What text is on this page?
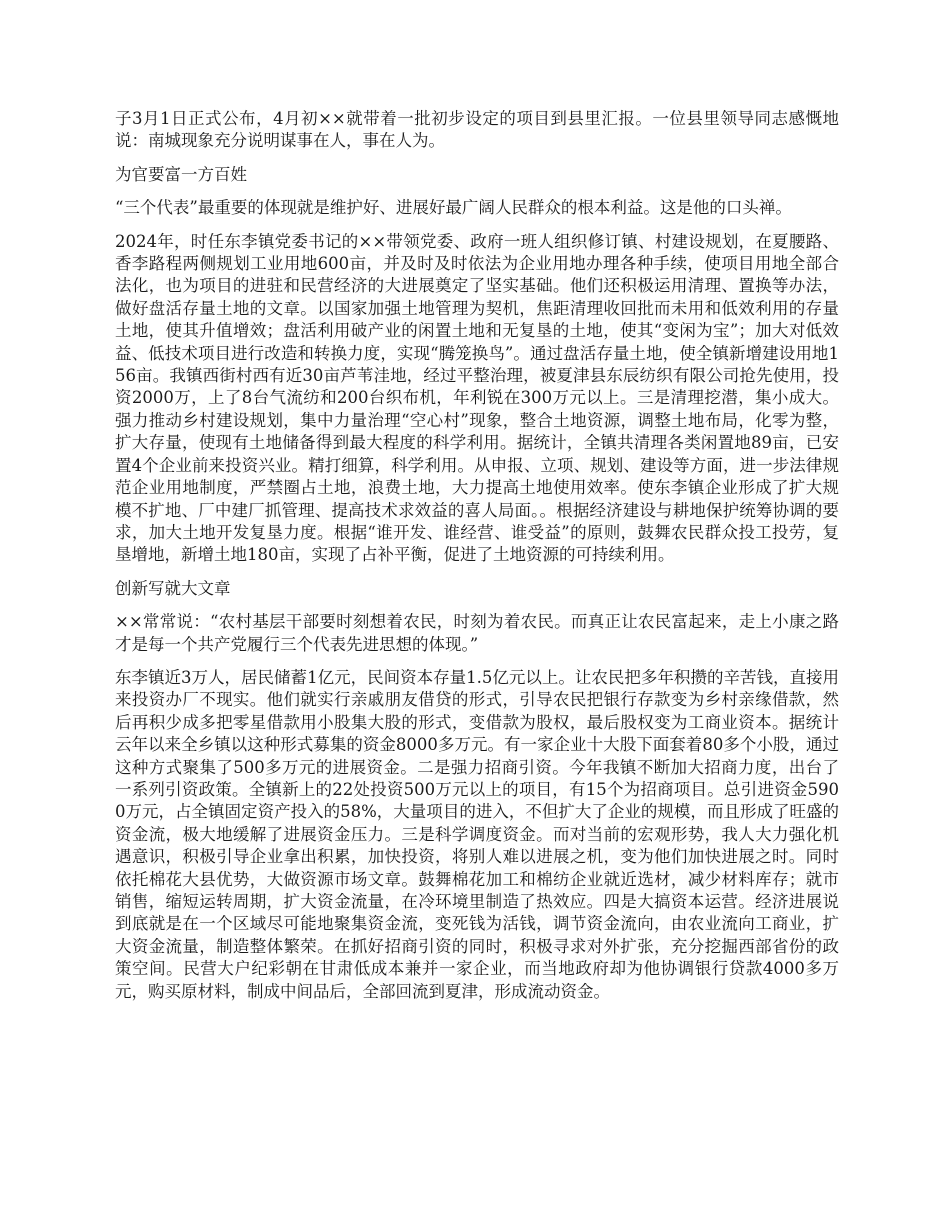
子3月1日正式公布，4月初××就带着一批初步设定的项目到县里汇报。一位县里领导同志感慨地说：南城现象充分说明谋事在人，事在人为。

为官要富一方百姓

“三个代表”最重要的体现就是维护好、进展好最广阔人民群众的根本利益。这是他的口头禅。

2024年，时任东李镇党委书记的××带领党委、政府一班人组织修订镇、村建设规划，在夏腰路、香李路程两侧规划工业用地600亩，并及时及时依法为企业用地办理各种手续，使项目用地全部合法化，也为项目的进驻和民营经济的大进展奠定了坚实基础。他们还积极运用清理、置换等办法，做好盘活存量土地的文章。以国家加强土地管理为契机，焦距清理收回批而未用和低效利用的存量土地，使其升值增效；盘活利用破产业的闲置土地和无复垦的土地，使其“变闲为宝”；加大对低效益、低技术项目进行改造和转换力度，实现“腾笼换鸟”。通过盘活存量土地，使全镇新增建设用地156亩。我镇西街村西有近30亩芦苇洼地，经过平整治理，被夏津县东辰纺织有限公司抢先使用，投资2000万，上了8台气流纺和200台织布机，年利锐在300万元以上。三是清理挖潜，集小成大。强力推动乡村建设规划，集中力量治理“空心村”现象，整合土地资源，调整土地布局，化零为整，扩大存量，使现有土地储备得到最大程度的科学利用。据统计，全镇共清理各类闲置地89亩，已安置4个企业前来投资兴业。精打细算，科学利用。从申报、立项、规划、建设等方面，进一步法律规范企业用地制度，严禁圈占土地，浪费土地，大力提高土地使用效率。使东李镇企业形成了扩大规模不扩地、厂中建厂抓管理、提高技术求效益的喜人局面。。根据经济建设与耕地保护统筹协调的要求，加大土地开发复垦力度。根据“谁开发、谁经营、谁受益”的原则，鼓舞农民群众投工投劳，复垦增地，新增土地180亩，实现了占补平衡，促进了土地资源的可持续利用。

创新写就大文章

××常常说：“农村基层干部要时刻想着农民，时刻为着农民。而真正让农民富起来，走上小康之路才是每一个共产党履行三个代表先进思想的体现。”

东李镇近3万人，居民储蓄1亿元，民间资本存量1.5亿元以上。让农民把多年积攒的辛苦钱，直接用来投资办厂不现实。他们就实行亲戚朋友借贷的形式，引导农民把银行存款变为乡村亲缘借款，然后再积少成多把零星借款用小股集大股的形式，变借款为股权，最后股权变为工商业资本。据统计云年以来全乡镇以这种形式募集的资金8000多万元。有一家企业十大股下面套着80多个小股，通过这种方式聚集了500多万元的进展资金。二是强力招商引资。今年我镇不断加大招商力度，出台了一系列引资政策。全镇新上的22处投资500万元以上的项目，有15个为招商项目。总引进资金5900万元，占全镇固定资产投入的58%，大量项目的进入，不但扩大了企业的规模，而且形成了旺盛的资金流，极大地缓解了进展资金压力。三是科学调度资金。而对当前的宏观形势，我人大力强化机遇意识，积极引导企业拿出积累，加快投资，将别人难以进展之机，变为他们加快进展之时。同时依托棉花大县优势，大做资源市场文章。鼓舞棉花加工和棉纺企业就近选材，减少材料库存；就市销售，缩短运转周期，扩大资金流量，在冷环境里制造了热效应。四是大搞资本运营。经济进展说到底就是在一个区域尽可能地聚集资金流，变死钱为活钱，调节资金流向，由农业流向工商业，扩大资金流量，制造整体繁荣。在抓好招商引资的同时，积极寻求对外扩张，充分挖掘西部省份的政策空间。民营大户纪彩朝在甘肃低成本兼并一家企业，而当地政府却为他协调银行贷款4000多万元，购买原材料，制成中间品后，全部回流到夏津，形成流动资金。
